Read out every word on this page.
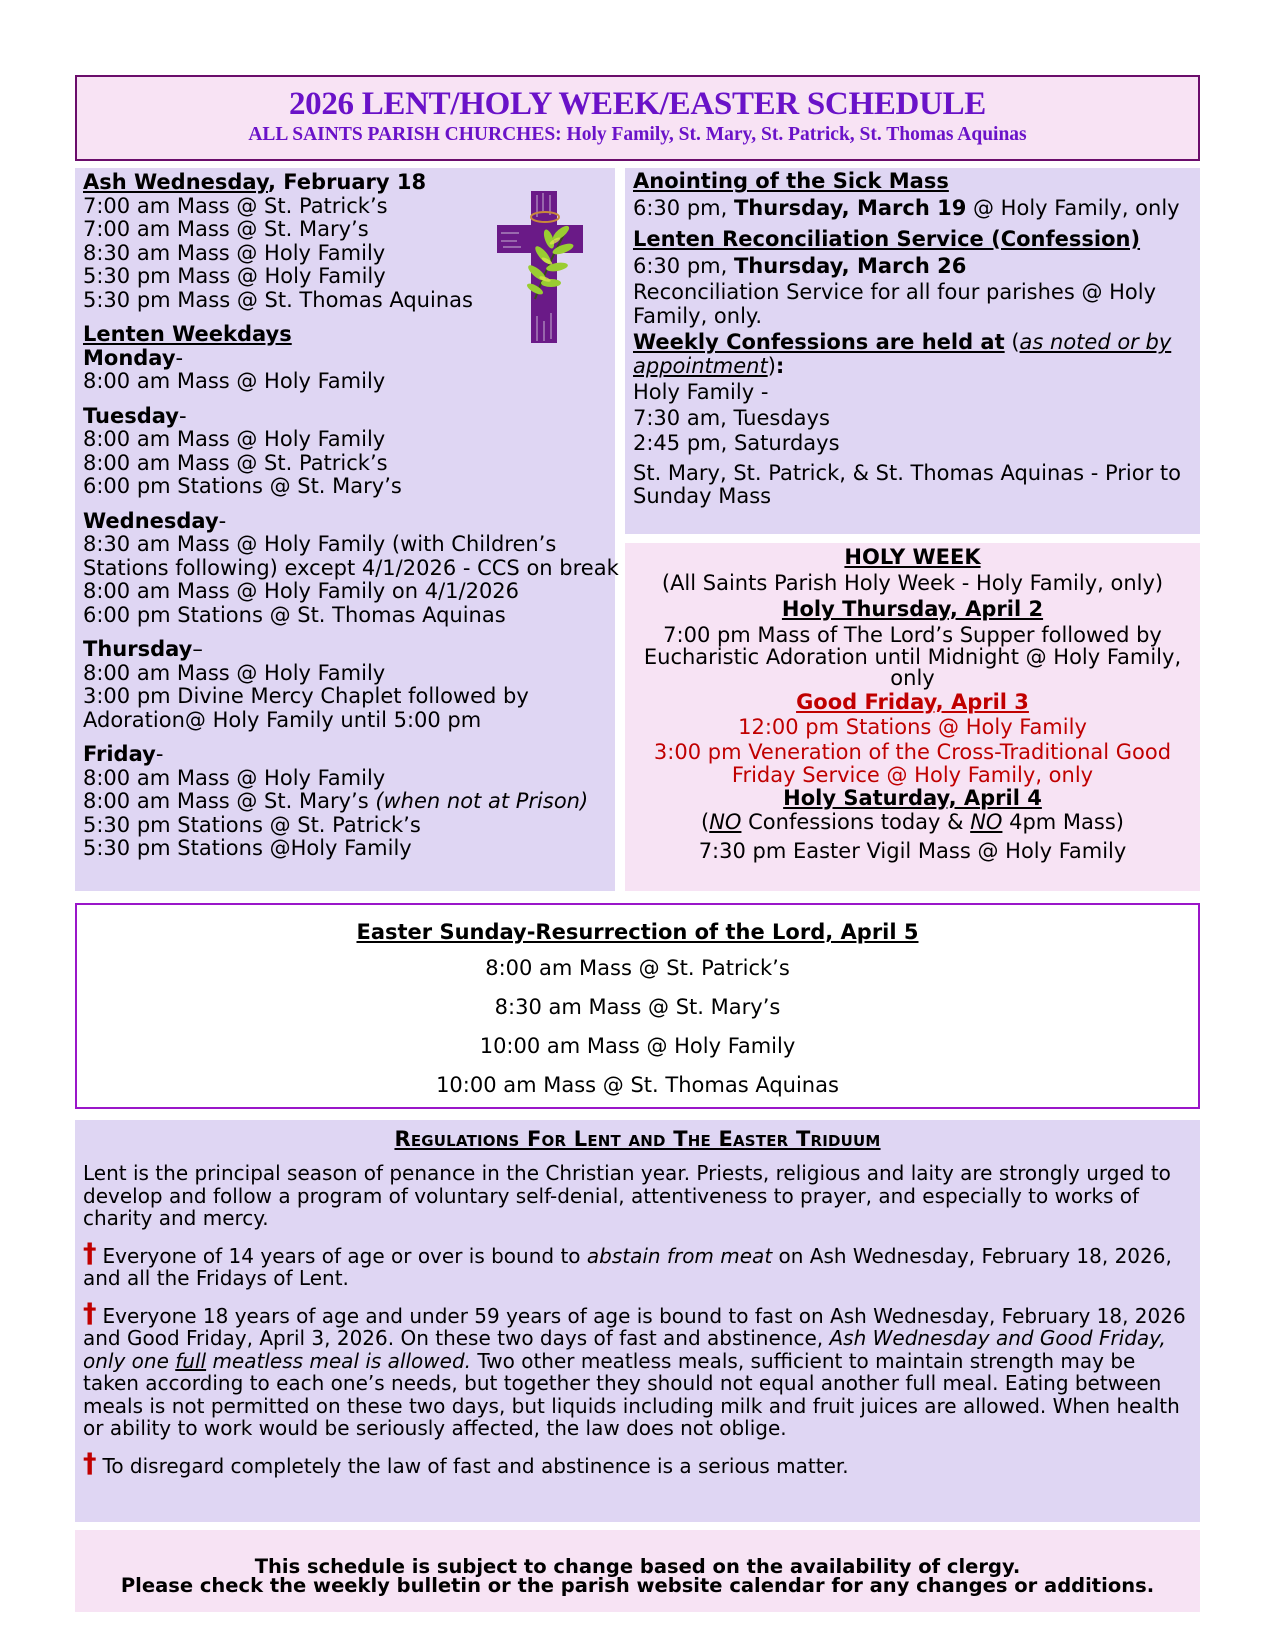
2026 LENT/HOLY WEEK/EASTER SCHEDULE
ALL SAINTS PARISH CHURCHES: Holy Family, St. Mary, St. Patrick, St. Thomas Aquinas
Ash Wednesday, February 18
7:00 am Mass @ St. Patrick’s
7:00 am Mass @ St. Mary’s
8:30 am Mass @ Holy Family
5:30 pm Mass @ Holy Family
5:30 pm Mass @ St. Thomas Aquinas
Lenten Weekdays
Monday-
8:00 am Mass @ Holy Family
Tuesday-
8:00 am Mass @ Holy Family
8:00 am Mass @ St. Patrick’s
6:00 pm Stations @ St. Mary’s
Wednesday-
8:30 am Mass @ Holy Family (with Children’s
Stations following) except 4/1/2026 - CCS on break
8:00 am Mass @ Holy Family on 4/1/2026
6:00 pm Stations @ St. Thomas Aquinas
Thursday–
8:00 am Mass @ Holy Family
3:00 pm Divine Mercy Chaplet followed by
Adoration@ Holy Family until 5:00 pm
Friday-
8:00 am Mass @ Holy Family
8:00 am Mass @ St. Mary’s (when not at Prison)
5:30 pm Stations @ St. Patrick’s
5:30 pm Stations @Holy Family
Anointing of the Sick Mass
6:30 pm, Thursday, March 19 @ Holy Family, only
Lenten Reconciliation Service (Confession)
6:30 pm, Thursday, March 26
Reconciliation Service for all four parishes @ Holy
Family, only.
Weekly Confessions are held at (as noted or by
appointment):
Holy Family -
7:30 am, Tuesdays
2:45 pm, Saturdays
St. Mary, St. Patrick, & St. Thomas Aquinas - Prior to
Sunday Mass
HOLY WEEK
(All Saints Parish Holy Week - Holy Family, only)
Holy Thursday, April 2
7:00 pm Mass of The Lord’s Supper followed by
Eucharistic Adoration until Midnight @ Holy Family,
only
Good Friday, April 3
12:00 pm Stations @ Holy Family
3:00 pm Veneration of the Cross-Traditional Good
Friday Service @ Holy Family, only
Holy Saturday, April 4
(NO Confessions today & NO 4pm Mass)
7:30 pm Easter Vigil Mass @ Holy Family
Easter Sunday-Resurrection of the Lord, April 5
8:00 am Mass @ St. Patrick’s
8:30 am Mass @ St. Mary’s
10:00 am Mass @ Holy Family
10:00 am Mass @ St. Thomas Aquinas
Regulations For Lent and The Easter Triduum
Lent is the principal season of penance in the Christian year. Priests, religious and laity are strongly urged to develop and follow a program of voluntary self-denial, attentiveness to prayer, and especially to works of charity and mercy.
† Everyone of 14 years of age or over is bound to abstain from meat on Ash Wednesday, February 18, 2026, and all the Fridays of Lent.
† Everyone 18 years of age and under 59 years of age is bound to fast on Ash Wednesday, February 18, 2026 and Good Friday, April 3, 2026. On these two days of fast and abstinence, Ash Wednesday and Good Friday, only one full meatless meal is allowed. Two other meatless meals, sufficient to maintain strength may be taken according to each one’s needs, but together they should not equal another full meal. Eating between meals is not permitted on these two days, but liquids including milk and fruit juices are allowed. When health or ability to work would be seriously affected, the law does not oblige.
† To disregard completely the law of fast and abstinence is a serious matter.
This schedule is subject to change based on the availability of clergy.
Please check the weekly bulletin or the parish website calendar for any changes or additions.
